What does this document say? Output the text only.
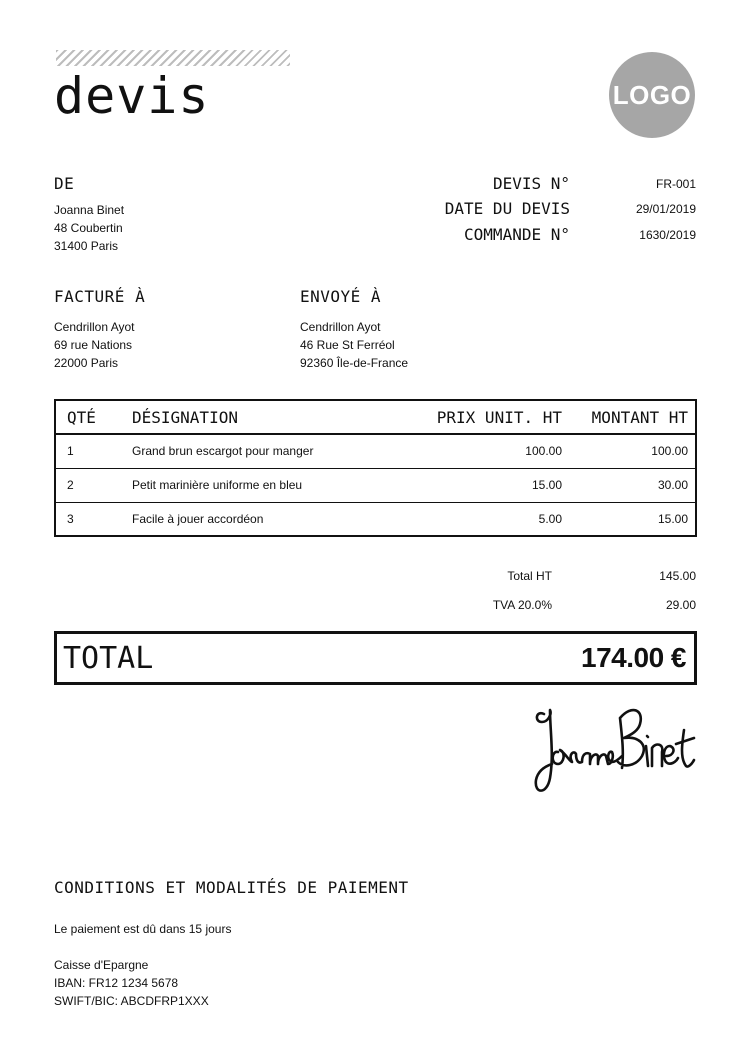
devis	LOGO
DE
Joanna Binet
48 Coubertin
31400 Paris
DEVIS N°	FR-001
DATE DU DEVIS	29/01/2019
COMMANDE N°	1630/2019
FACTURÉ À
Cendrillon Ayot
69 rue Nations
22000 Paris
ENVOYÉ À
Cendrillon Ayot
46 Rue St Ferréol
92360 Île-de-France
QTÉ	DÉSIGNATION	PRIX UNIT. HT	MONTANT HT
1	Grand brun escargot pour manger	100.00	100.00
2	Petit marinière uniforme en bleu	15.00	30.00
3	Facile à jouer accordéon	5.00	15.00
Total HT	145.00
TVA 20.0%	29.00
TOTAL	174.00 €
CONDITIONS ET MODALITÉS DE PAIEMENT
Le paiement est dû dans 15 jours
Caisse d'Epargne
IBAN: FR12 1234 5678
SWIFT/BIC: ABCDFRP1XXX
